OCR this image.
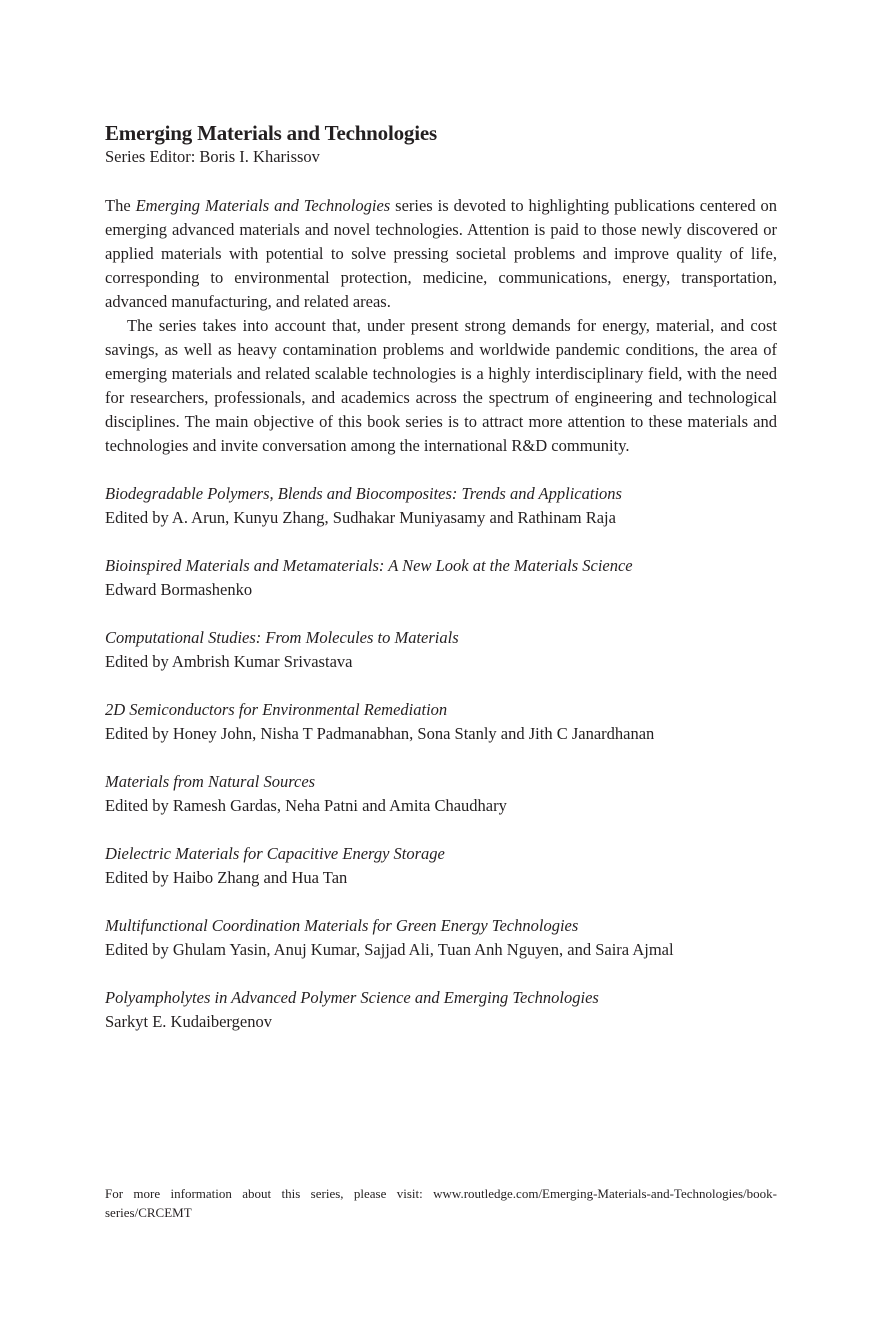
Emerging Materials and Technologies

Series Editor: Boris I. Kharissov

The Emerging Materials and Technologies series is devoted to highlighting publications centered on emerging advanced materials and novel technologies. Attention is paid to those newly discovered or applied materials with potential to solve pressing societal problems and improve quality of life, corresponding to environmental protection, medicine, communications, energy, transportation, advanced manufacturing, and related areas.

The series takes into account that, under present strong demands for energy, material, and cost savings, as well as heavy contamination problems and worldwide pandemic conditions, the area of emerging materials and related scalable technologies is a highly interdisciplinary field, with the need for researchers, professionals, and academics across the spectrum of engineering and technological disciplines. The main objective of this book series is to attract more attention to these materials and technologies and invite conversation among the international R&D community.

Biodegradable Polymers, Blends and Biocomposites: Trends and Applications
Edited by A. Arun, Kunyu Zhang, Sudhakar Muniyasamy and Rathinam Raja
Bioinspired Materials and Metamaterials: A New Look at the Materials Science
Edward Bormashenko
Computational Studies: From Molecules to Materials
Edited by Ambrish Kumar Srivastava
2D Semiconductors for Environmental Remediation
Edited by Honey John, Nisha T Padmanabhan, Sona Stanly and Jith C Janardhanan
Materials from Natural Sources
Edited by Ramesh Gardas, Neha Patni and Amita Chaudhary
Dielectric Materials for Capacitive Energy Storage
Edited by Haibo Zhang and Hua Tan
Multifunctional Coordination Materials for Green Energy Technologies
Edited by Ghulam Yasin, Anuj Kumar, Sajjad Ali, Tuan Anh Nguyen, and Saira Ajmal
Polyampholytes in Advanced Polymer Science and Emerging Technologies
Sarkyt E. Kudaibergenov
For more information about this series, please visit: www.routledge.com/Emerging-Materials-and-Technologies/book-series/CRCEMT
